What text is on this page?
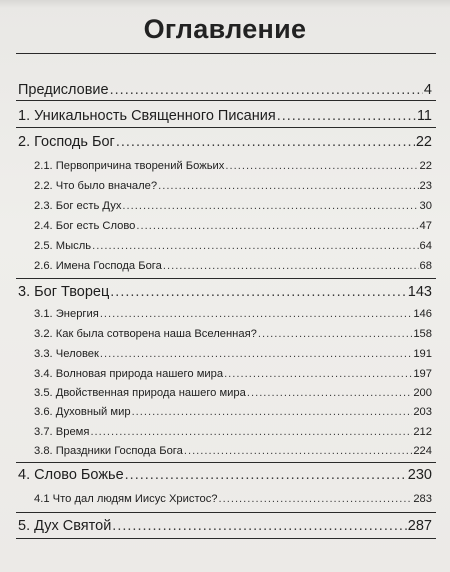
Оглавление
Предисловие .....	4
1. Уникальность Священного Писания .....	11
2. Господь Бог .....	22
2.1. Первопричина творений Божьих .....	22
2.2. Что было вначале? .....	23
2.3. Бог есть Дух .....	30
2.4. Бог есть Слово .....	47
2.5. Мысль .....	64
2.6. Имена Господа Бога .....	68
3. Бог Творец .....	143
3.1. Энергия .....	146
3.2. Как была сотворена наша Вселенная? .....	158
3.3. Человек .....	191
3.4. Волновая природа нашего мира .....	197
3.5. Двойственная природа нашего мира .....	200
3.6. Духовный мир .....	203
3.7. Время .....	212
3.8. Праздники Господа Бога .....	224
4. Слово Божье .....	230
4.1 Что дал людям Иисус Христос? .....	283
5. Дух Святой .....	287
